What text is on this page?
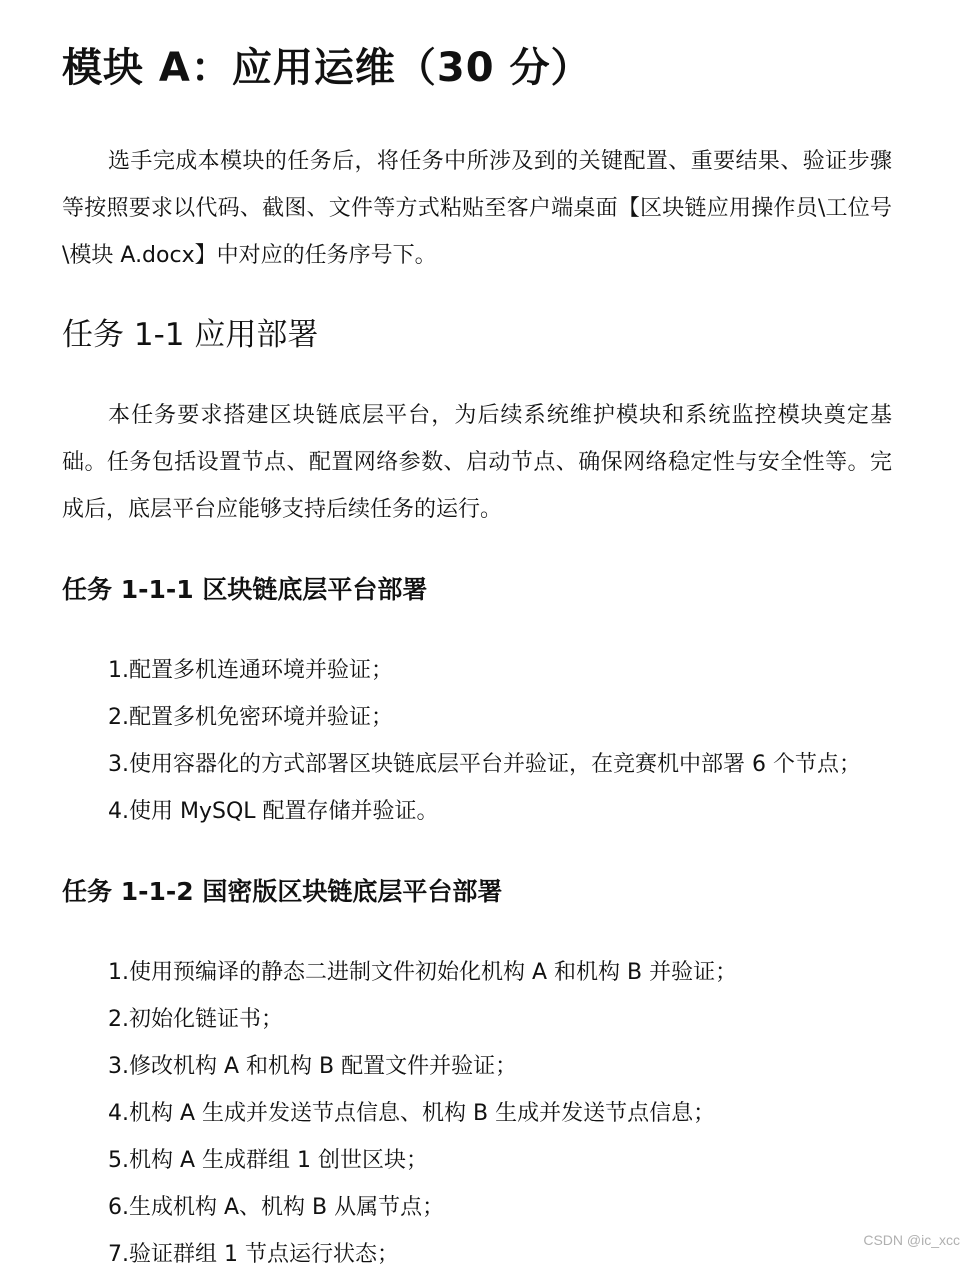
模块 A：应用运维（30 分）
选手完成本模块的任务后，将任务中所涉及到的关键配置、重要结果、验证步骤等按照要求以代码、截图、文件等方式粘贴至客户端桌面【区块链应用操作员\工位号\模块 A.docx】中对应的任务序号下。
任务 1-1 应用部署
本任务要求搭建区块链底层平台，为后续系统维护模块和系统监控模块奠定基础。任务包括设置节点、配置网络参数、启动节点、确保网络稳定性与安全性等。完成后，底层平台应能够支持后续任务的运行。
任务 1-1-1 区块链底层平台部署
1.配置多机连通环境并验证；
2.配置多机免密环境并验证；
3.使用容器化的方式部署区块链底层平台并验证，在竞赛机中部署 6 个节点；
4.使用 MySQL 配置存储并验证。
任务 1-1-2 国密版区块链底层平台部署
1.使用预编译的静态二进制文件初始化机构 A 和机构 B 并验证；
2.初始化链证书；
3.修改机构 A 和机构 B 配置文件并验证；
4.机构 A 生成并发送节点信息、机构 B 生成并发送节点信息；
5.机构 A 生成群组 1 创世区块；
6.生成机构 A、机构 B 从属节点；
7.验证群组 1 节点运行状态；
CSDN @ic_xcc
